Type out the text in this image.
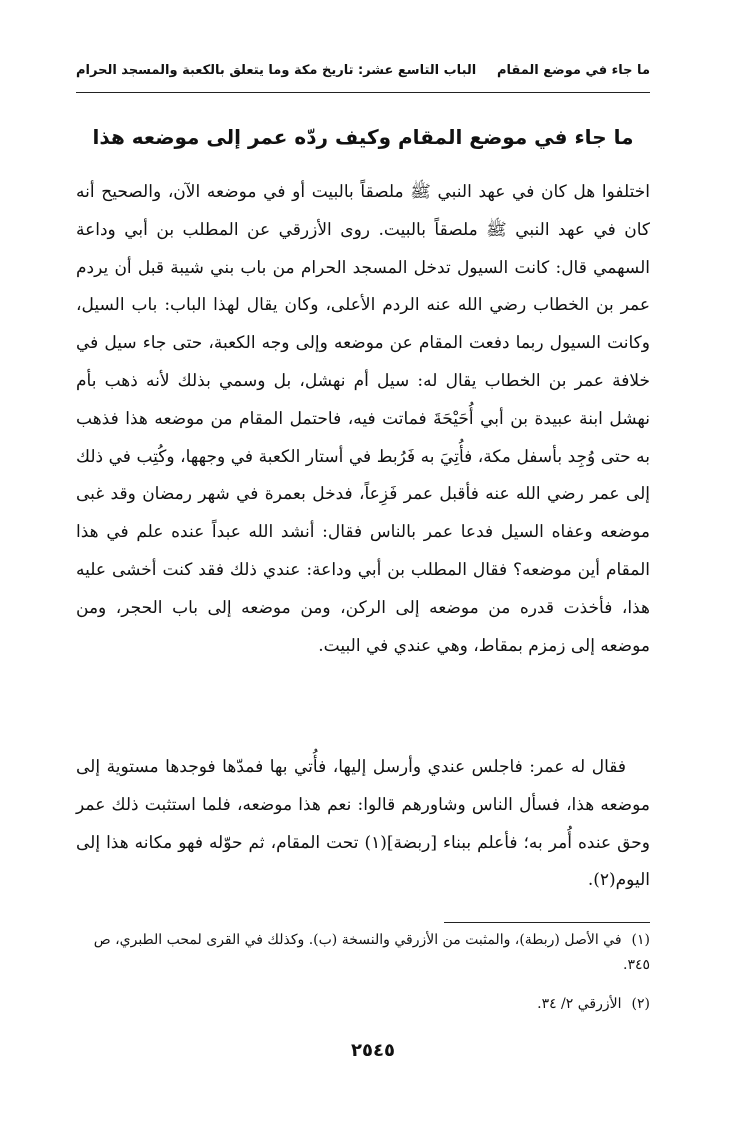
ما جاء في موضع المقام
الباب التاسع عشر: تاريخ مكة وما يتعلق بالكعبة والمسجد الحرام
ما جاء في موضع المقام وكيف ردّه عمر إلى موضعه هذا

اختلفوا هل كان في عهد النبي ﷺ ملصقاً بالبيت أو في موضعه الآن، والصحيح أنه كان في عهد النبي ﷺ ملصقاً بالبيت. روى الأزرقي عن المطلب بن أبي وداعة السهمي قال: كانت السيول تدخل المسجد الحرام من باب بني شيبة قبل أن يردم عمر بن الخطاب رضي الله عنه الردم الأعلى، وكان يقال لهذا الباب: باب السيل، وكانت السيول ربما دفعت المقام عن موضعه وإلى وجه الكعبة، حتى جاء سيل في خلافة عمر بن الخطاب يقال له: سيل أم نهشل، بل وسمي بذلك لأنه ذهب بأم نهشل ابنة عبيدة بن أبي أُحَيْحَةَ فماتت فيه، فاحتمل المقام من موضعه هذا فذهب به حتى وُجِد بأسفل مكة، فأُتِيَ به فَرُبط في أستار الكعبة في وجهها، وكُتِب في ذلك إلى عمر رضي الله عنه فأقبل عمر فَزِعاً، فدخل بعمرة في شهر رمضان وقد غبى موضعه وعفاه السيل فدعا عمر بالناس فقال: أنشد الله عبداً عنده علم في هذا المقام أين موضعه؟ فقال المطلب بن أبي وداعة: عندي ذلك فقد كنت أخشى عليه هذا، فأخذت قدره من موضعه إلى الركن، ومن موضعه إلى باب الحجر، ومن موضعه إلى زمزم بمقاط، وهي عندي في البيت.

فقال له عمر: فاجلس عندي وأرسل إليها، فأُتي بها فمدّها فوجدها مستوية إلى موضعه هذا، فسأل الناس وشاورهم قالوا: نعم هذا موضعه، فلما استثبت ذلك عمر وحق عنده أُمر به؛ فأعلم ببناء [ربضة](١) تحت المقام، ثم حوّله فهو مكانه هذا إلى اليوم(٢).

(١)في الأصل (ربطة)، والمثبت من الأزرقي والنسخة (ب). وكذلك في القرى لمحب الطبري، ص ٣٤٥.

(٢)الأزرقي ٢/ ٣٤.

٢٥٤٥
